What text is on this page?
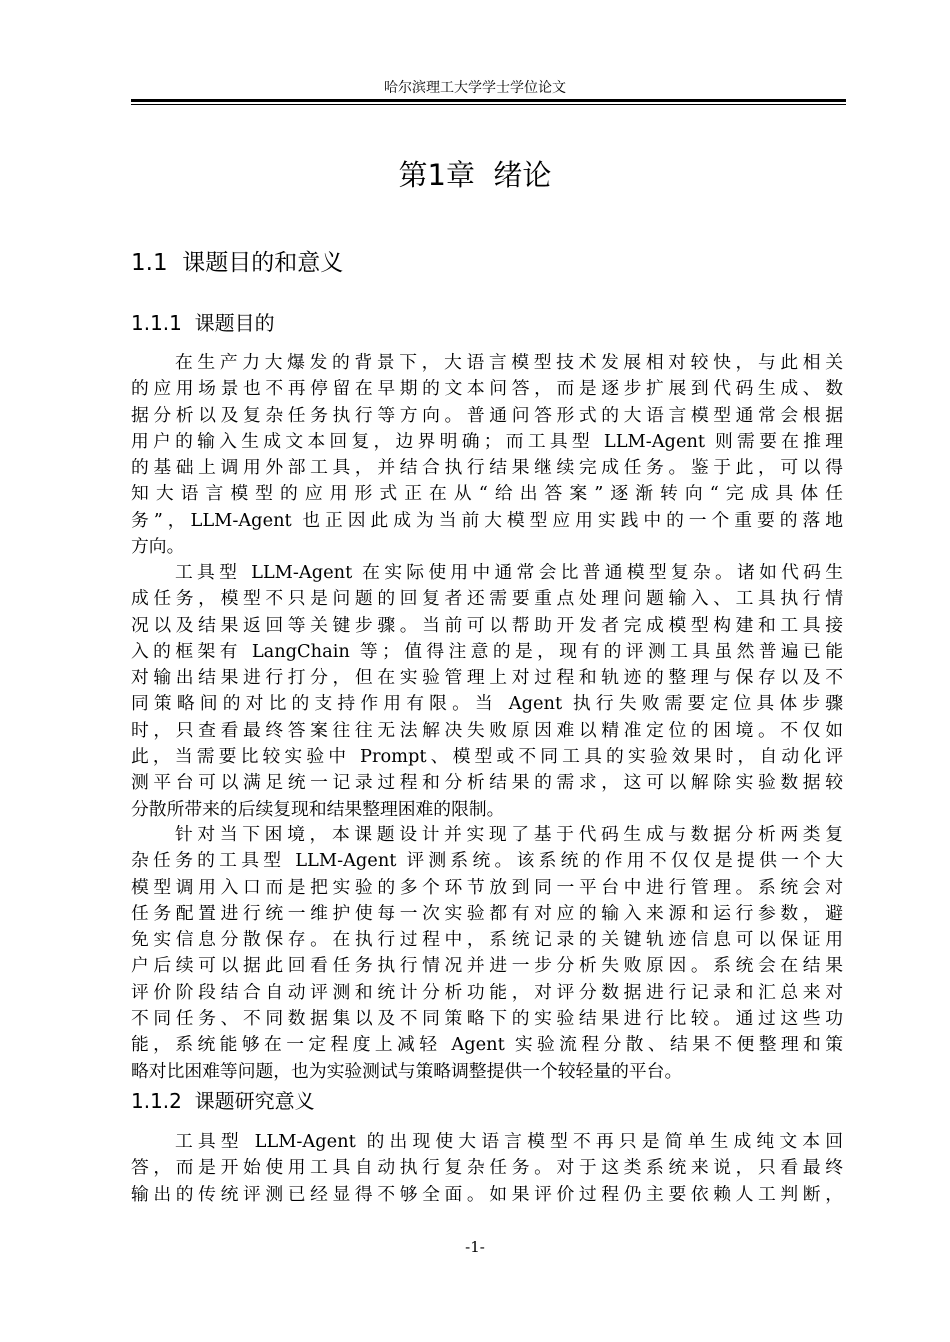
哈尔滨理工大学学士学位论文
第1章  绪论
1.1  课题目的和意义
1.1.1  课题目的
在生产力大爆发的背景下，大语言模型技术发展相对较快，与此相关
的应用场景也不再停留在早期的文本问答，而是逐步扩展到代码生成、数
据分析以及复杂任务执行等方向。普通问答形式的大语言模型通常会根据
用户的输入生成文本回复，边界明确；而工具型 LLM-Agent 则需要在推理
的基础上调用外部工具，并结合执行结果继续完成任务。鉴于此，可以得
知大语言模型的应用形式正在从“给出答案”逐渐转向“完成具体任
务”，LLM-Agent 也正因此成为当前大模型应用实践中的一个重要的落地
方向。
工具型 LLM-Agent 在实际使用中通常会比普通模型复杂。诸如代码生
成任务，模型不只是问题的回复者还需要重点处理问题输入、工具执行情
况以及结果返回等关键步骤。当前可以帮助开发者完成模型构建和工具接
入的框架有 LangChain 等；值得注意的是，现有的评测工具虽然普遍已能
对输出结果进行打分，但在实验管理上对过程和轨迹的整理与保存以及不
同策略间的对比的支持作用有限。当 Agent 执行失败需要定位具体步骤
时，只查看最终答案往往无法解决失败原因难以精准定位的困境。不仅如
此，当需要比较实验中 Prompt、模型或不同工具的实验效果时，自动化评
测平台可以满足统一记录过程和分析结果的需求，这可以解除实验数据较
分散所带来的后续复现和结果整理困难的限制。
针对当下困境，本课题设计并实现了基于代码生成与数据分析两类复
杂任务的工具型 LLM-Agent 评测系统。该系统的作用不仅仅是提供一个大
模型调用入口而是把实验的多个环节放到同一平台中进行管理。系统会对
任务配置进行统一维护使每一次实验都有对应的输入来源和运行参数，避
免实信息分散保存。在执行过程中，系统记录的关键轨迹信息可以保证用
户后续可以据此回看任务执行情况并进一步分析失败原因。系统会在结果
评价阶段结合自动评测和统计分析功能，对评分数据进行记录和汇总来对
不同任务、不同数据集以及不同策略下的实验结果进行比较。通过这些功
能，系统能够在一定程度上减轻 Agent 实验流程分散、结果不便整理和策
略对比困难等问题，也为实验测试与策略调整提供一个较轻量的平台。
1.1.2  课题研究意义
工具型 LLM-Agent 的出现使大语言模型不再只是简单生成纯文本回
答，而是开始使用工具自动执行复杂任务。对于这类系统来说，只看最终
输出的传统评测已经显得不够全面。如果评价过程仍主要依赖人工判断，
-1-
